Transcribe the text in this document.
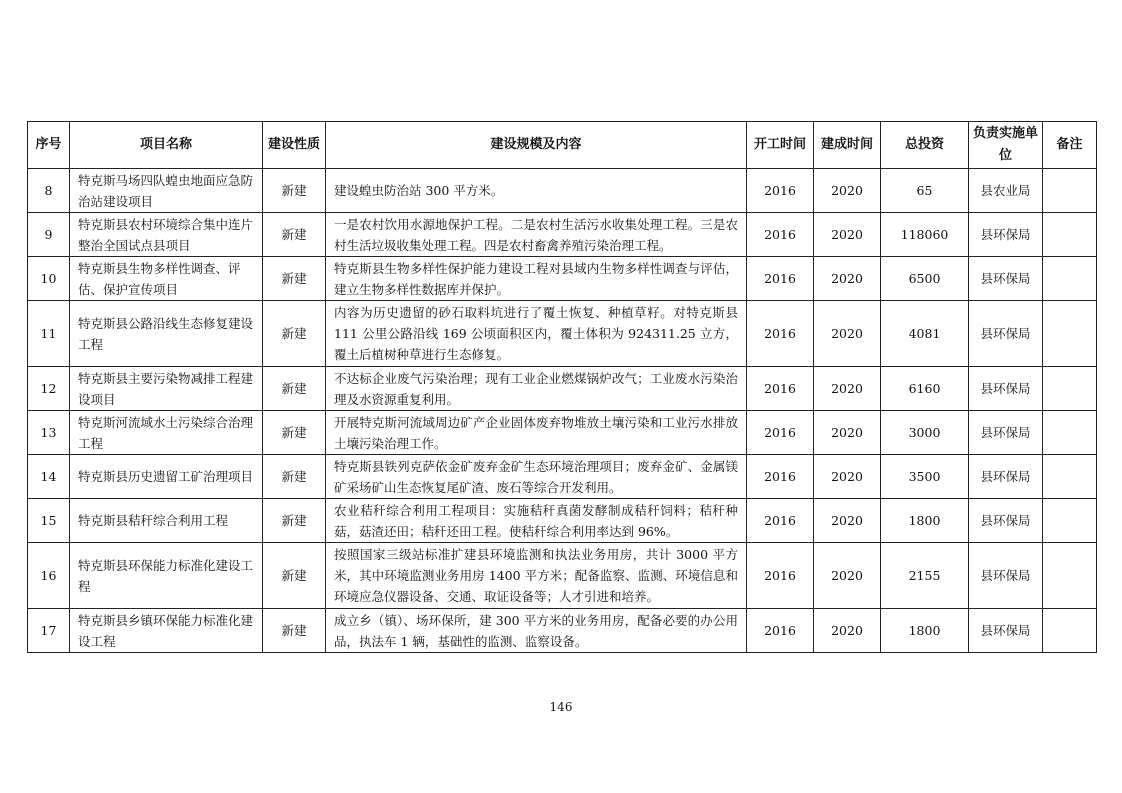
序号	项目名称	建设性质	建设规模及内容	开工时间	建成时间	总投资	负责实施单位	备注
8	特克斯马场四队蝗虫地面应急防治站建设项目	新建	建设蝗虫防治站 300 平方米。	2016	2020	65	县农业局	
9	特克斯县农村环境综合集中连片整治全国试点县项目	新建	一是农村饮用水源地保护工程。二是农村生活污水收集处理工程。三是农村生活垃圾收集处理工程。四是农村畜禽养殖污染治理工程。	2016	2020	118060	县环保局	
10	特克斯县生物多样性调查、评估、保护宣传项目	新建	特克斯县生物多样性保护能力建设工程对县域内生物多样性调查与评估，建立生物多样性数据库并保护。	2016	2020	6500	县环保局	
11	特克斯县公路沿线生态修复建设工程	新建	内容为历史遗留的砂石取料坑进行了覆土恢复、种植草籽。对特克斯县 111 公里公路沿线 169 公顷面积区内，覆土体积为 924311.25 立方，覆土后植树种草进行生态修复。	2016	2020	4081	县环保局	
12	特克斯县主要污染物减排工程建设项目	新建	不达标企业废气污染治理；现有工业企业燃煤锅炉改气；工业废水污染治理及水资源重复利用。	2016	2020	6160	县环保局	
13	特克斯河流域水土污染综合治理工程	新建	开展特克斯河流域周边矿产企业固体废弃物堆放土壤污染和工业污水排放土壤污染治理工作。	2016	2020	3000	县环保局	
14	特克斯县历史遗留工矿治理项目	新建	特克斯县铁列克萨依金矿废弃金矿生态环境治理项目；废弃金矿、金属镁矿采场矿山生态恢复尾矿渣、废石等综合开发利用。	2016	2020	3500	县环保局	
15	特克斯县秸秆综合利用工程	新建	农业秸秆综合利用工程项目：实施秸秆真菌发酵制成秸秆饲料；秸秆种菇，菇渣还田；秸秆还田工程。使秸秆综合利用率达到 96%。	2016	2020	1800	县环保局	
16	特克斯县环保能力标准化建设工程	新建	按照国家三级站标准扩建县环境监测和执法业务用房，共计 3000 平方米，其中环境监测业务用房 1400 平方米；配备监察、监测、环境信息和环境应急仪器设备、交通、取证设备等；人才引进和培养。	2016	2020	2155	县环保局	
17	特克斯县乡镇环保能力标准化建设工程	新建	成立乡（镇）、场环保所，建 300 平方米的业务用房，配备必要的办公用品，执法车 1 辆，基础性的监测、监察设备。	2016	2020	1800	县环保局	
146
